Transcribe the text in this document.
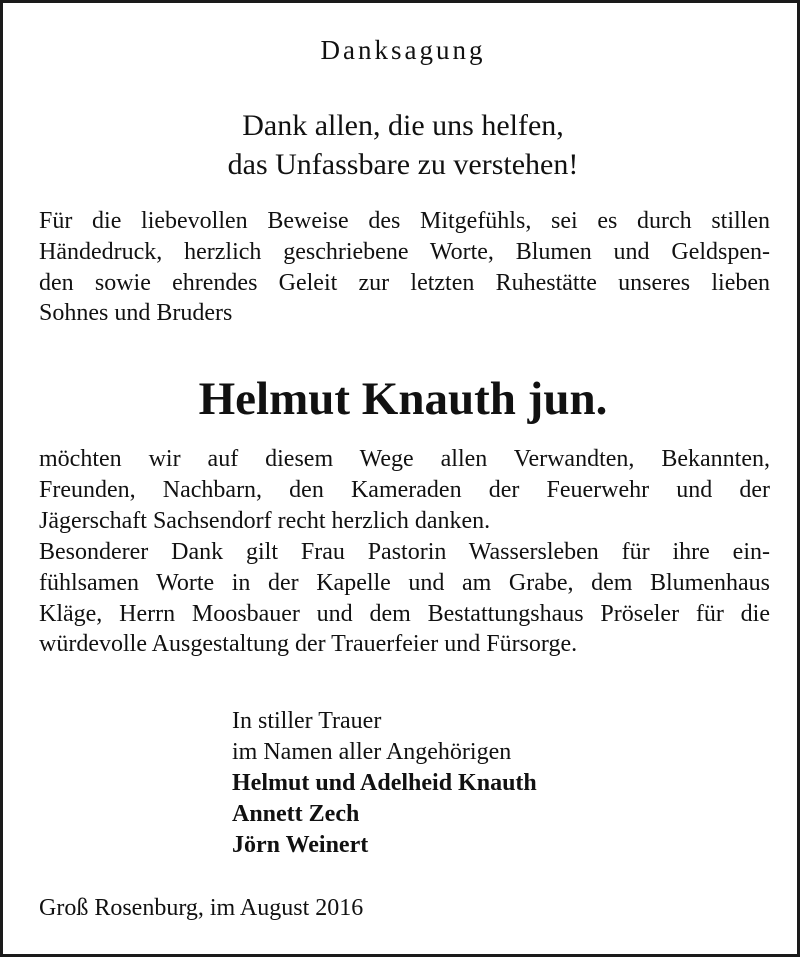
Danksagung
Dank allen, die uns helfen,
das Unfassbare zu verstehen!
Für die liebevollen Beweise des Mitgefühls, sei es durch stillen
Händedruck, herzlich geschriebene Worte, Blumen und Geldspen-
den sowie ehrendes Geleit zur letzten Ruhestätte unseres lieben
Sohnes und Bruders
Helmut Knauth jun.
möchten wir auf diesem Wege allen Verwandten, Bekannten,
Freunden, Nachbarn, den Kameraden der Feuerwehr und der
Jägerschaft Sachsendorf recht herzlich danken.
Besonderer Dank gilt Frau Pastorin Wassersleben für ihre ein-
fühlsamen Worte in der Kapelle und am Grabe, dem Blumenhaus
Kläge, Herrn Moosbauer und dem Bestattungshaus Pröseler für die
würdevolle Ausgestaltung der Trauerfeier und Fürsorge.
In stiller Trauer
im Namen aller Angehörigen
Helmut und Adelheid Knauth
Annett Zech
Jörn Weinert
Groß Rosenburg, im August 2016
